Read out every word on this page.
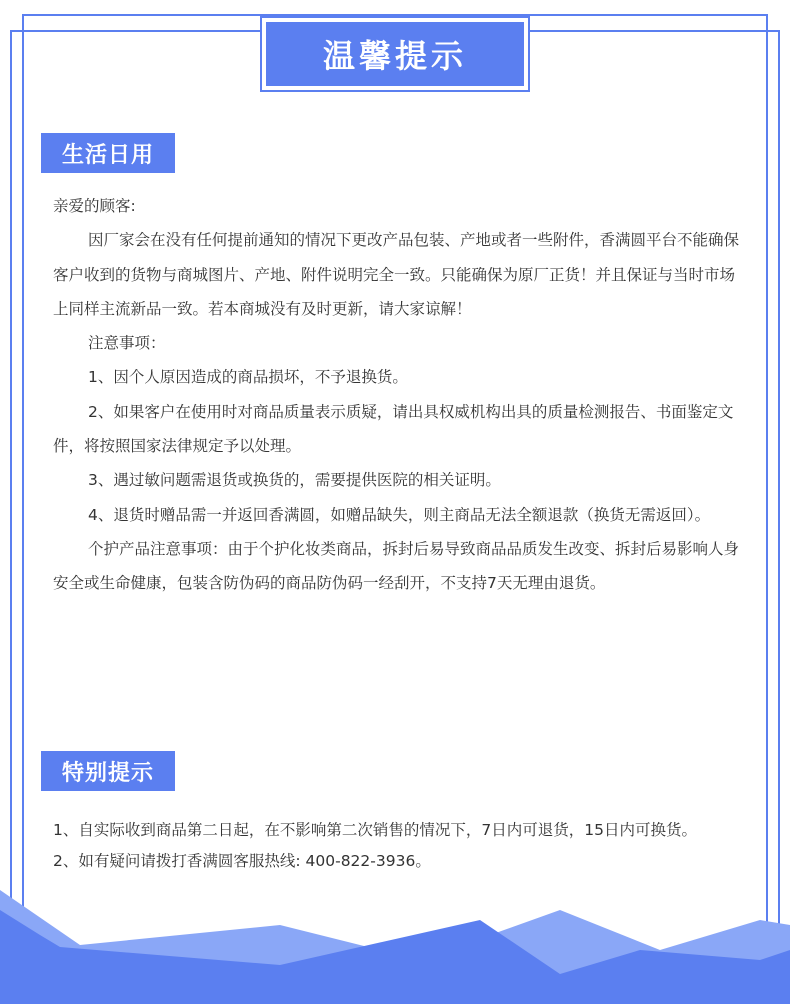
温馨提示
生活日用

亲爱的顾客:

因厂家会在没有任何提前通知的情况下更改产品包装、产地或者一些附件，香满圆平台不能确保客户收到的货物与商城图片、产地、附件说明完全一致。只能确保为原厂正货！并且保证与当时市场上同样主流新品一致。若本商城没有及时更新，请大家谅解！

注意事项：

1、因个人原因造成的商品损坏，不予退换货。

2、如果客户在使用时对商品质量表示质疑，请出具权威机构出具的质量检测报告、书面鉴定文件，将按照国家法律规定予以处理。

3、遇过敏问题需退货或换货的，需要提供医院的相关证明。

4、退货时赠品需一并返回香满圆，如赠品缺失，则主商品无法全额退款（换货无需返回）。

个护产品注意事项：由于个护化妆类商品，拆封后易导致商品品质发生改变、拆封后易影响人身安全或生命健康，包装含防伪码的商品防伪码一经刮开，不支持7天无理由退货。

特别提示

1、自实际收到商品第二日起，在不影响第二次销售的情况下，7日内可退货，15日内可换货。

2、如有疑问请拨打香满圆客服热线: 400-822-3936。
